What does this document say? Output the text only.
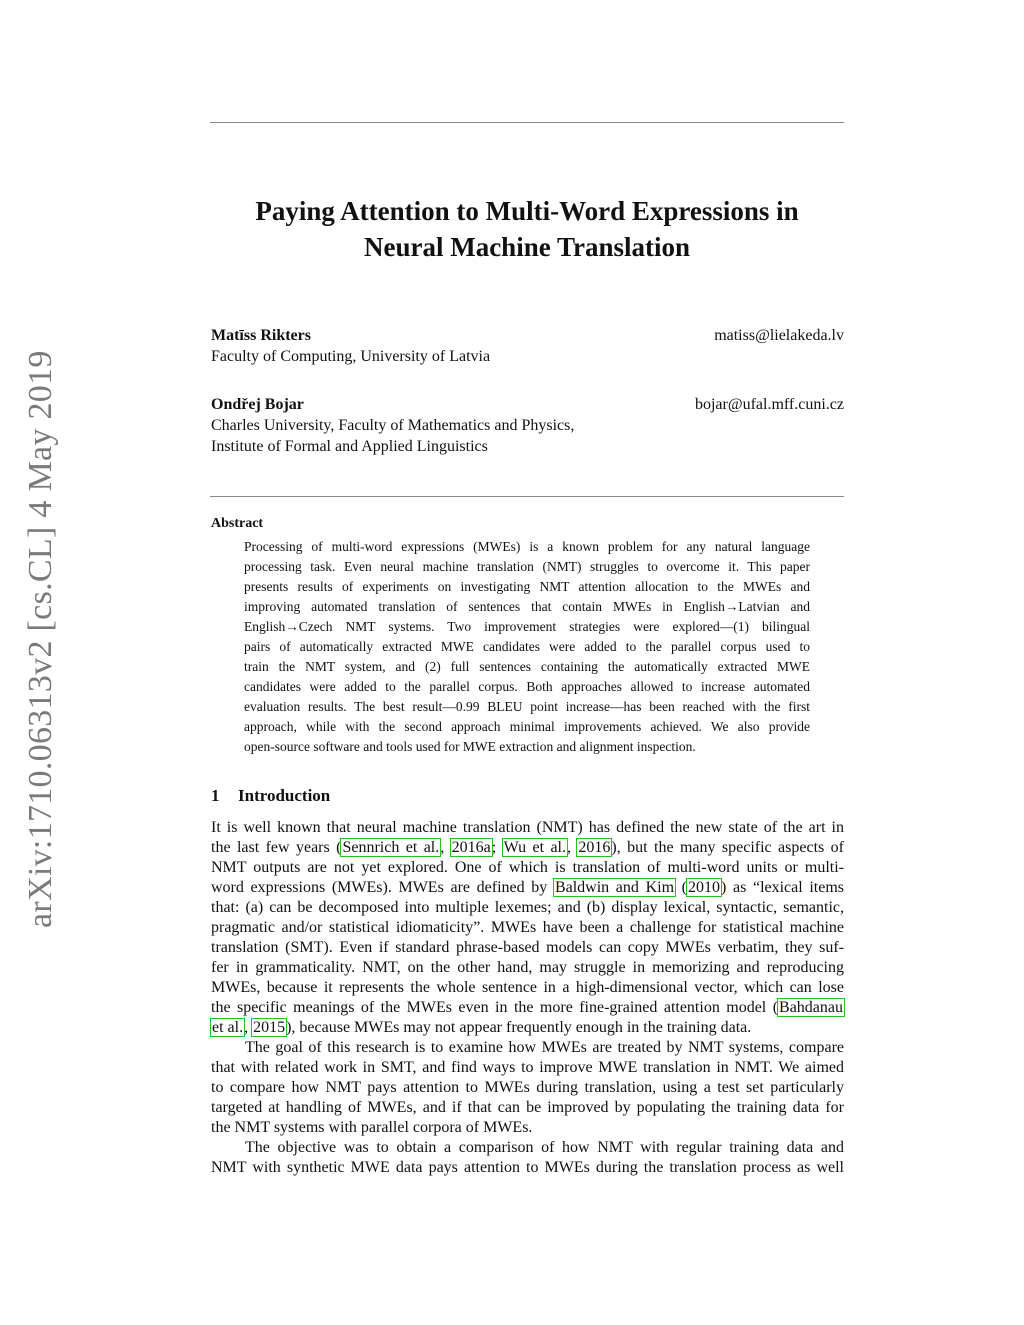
arXiv:1710.06313v2 [cs.CL] 4 May 2019
Paying Attention to Multi-Word Expressions in
Neural Machine Translation
Matīss Rikters	matiss@lielakeda.lv
Faculty of Computing, University of Latvia
Ondřej Bojar	bojar@ufal.mff.cuni.cz
Charles University, Faculty of Mathematics and Physics,
Institute of Formal and Applied Linguistics
Abstract
Processing of multi-word expressions (MWEs) is a known problem for any natural language
processing task. Even neural machine translation (NMT) struggles to overcome it. This paper
presents results of experiments on investigating NMT attention allocation to the MWEs and
improving automated translation of sentences that contain MWEs in English→Latvian and
English→Czech NMT systems. Two improvement strategies were explored—(1) bilingual
pairs of automatically extracted MWE candidates were added to the parallel corpus used to
train the NMT system, and (2) full sentences containing the automatically extracted MWE
candidates were added to the parallel corpus. Both approaches allowed to increase automated
evaluation results. The best result—0.99 BLEU point increase—has been reached with the first
approach, while with the second approach minimal improvements achieved. We also provide
open-source software and tools used for MWE extraction and alignment inspection.
1 Introduction
It is well known that neural machine translation (NMT) has defined the new state of the art in
the last few years (Sennrich et al., 2016a; Wu et al., 2016), but the many specific aspects of
NMT outputs are not yet explored. One of which is translation of multi-word units or multi-
word expressions (MWEs). MWEs are defined by Baldwin and Kim (2010) as “lexical items
that: (a) can be decomposed into multiple lexemes; and (b) display lexical, syntactic, semantic,
pragmatic and/or statistical idiomaticity”. MWEs have been a challenge for statistical machine
translation (SMT). Even if standard phrase-based models can copy MWEs verbatim, they suf-
fer in grammaticality. NMT, on the other hand, may struggle in memorizing and reproducing
MWEs, because it represents the whole sentence in a high-dimensional vector, which can lose
the specific meanings of the MWEs even in the more fine-grained attention model (Bahdanau
et al., 2015), because MWEs may not appear frequently enough in the training data.
The goal of this research is to examine how MWEs are treated by NMT systems, compare
that with related work in SMT, and find ways to improve MWE translation in NMT. We aimed
to compare how NMT pays attention to MWEs during translation, using a test set particularly
targeted at handling of MWEs, and if that can be improved by populating the training data for
the NMT systems with parallel corpora of MWEs.
The objective was to obtain a comparison of how NMT with regular training data and
NMT with synthetic MWE data pays attention to MWEs during the translation process as well
